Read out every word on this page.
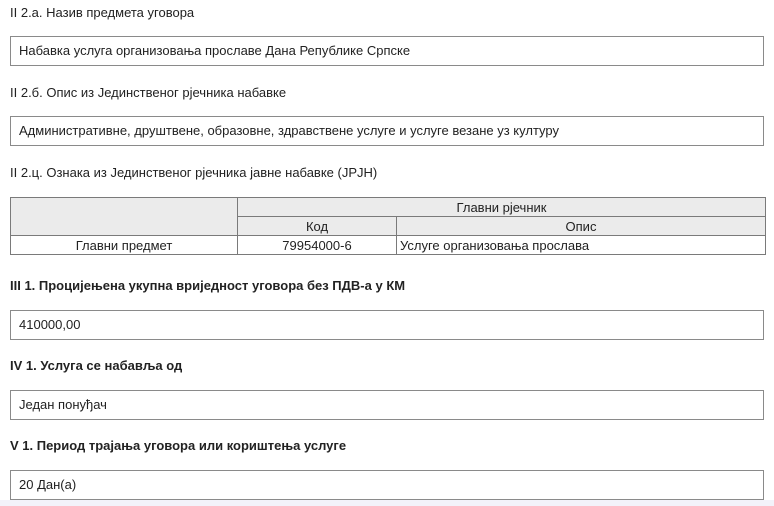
II 2.а. Назив предмета уговора
Набавка услуга организовања прославе Дана Републике Српске
II 2.б. Опис из Јединственог рјечника набавке
Административне, друштвене, образовне, здравствене услуге и услуге везане уз културу
II 2.ц. Ознака из Јединственог рјечника јавне набавке (ЈРЈН)
	Главни рјечник	
	Код	Опис
Главни предмет	79954000-6	Услуге организовања прослава
III 1. Процијењена укупна вриједност уговора без ПДВ-а у КМ
410000,00
IV 1. Услуга се набавља од
Један понуђач
V 1. Период трајања уговора или кориштења услуге
20 Дан(а)
